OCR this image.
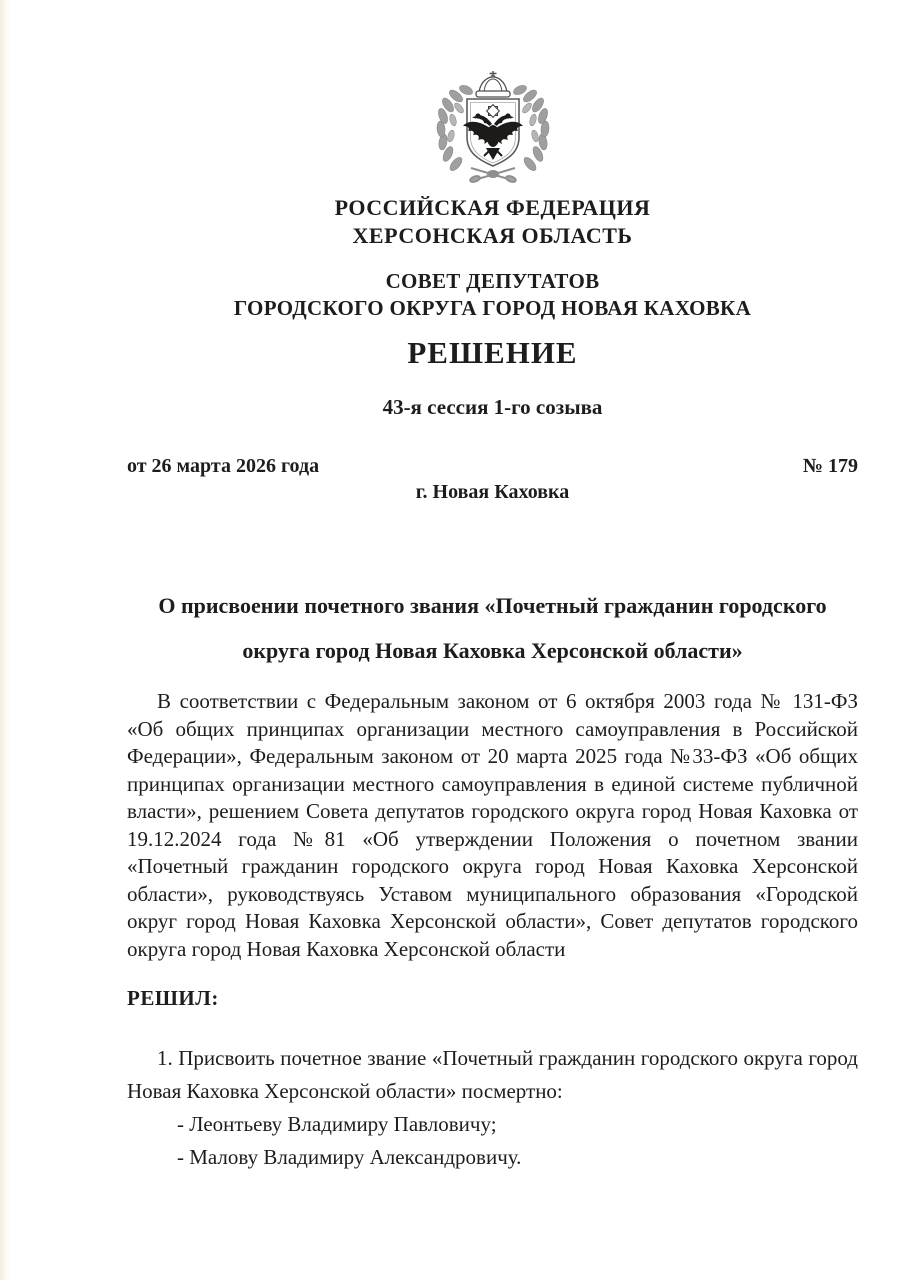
РОССИЙСКАЯ ФЕДЕРАЦИЯ
ХЕРСОНСКАЯ ОБЛАСТЬ
СОВЕТ ДЕПУТАТОВ
ГОРОДСКОГО ОКРУГА ГОРОД НОВАЯ КАХОВКА
РЕШЕНИЕ
43-я сессия 1-го созыва
от 26 марта 2026 года	№ 179
г. Новая Каховка
О присвоении почетного звания «Почетный гражданин городского округа город Новая Каховка Херсонской области»

В соответствии с Федеральным законом от 6 октября 2003 года № 131-ФЗ «Об общих принципах организации местного самоуправления в Российской Федерации», Федеральным законом от 20 марта 2025 года №33-ФЗ «Об общих принципах организации местного самоуправления в единой системе публичной власти», решением Совета депутатов городского округа город Новая Каховка от 19.12.2024 года №81 «Об утверждении Положения о почетном звании «Почетный гражданин городского округа город Новая Каховка Херсонской области», руководствуясь Уставом муниципального образования «Городской округ город Новая Каховка Херсонской области», Совет депутатов городского округа город Новая Каховка Херсонской области

РЕШИЛ:

1. Присвоить почетное звание «Почетный гражданин городского округа город Новая Каховка Херсонской области» посмертно:

- Леонтьеву Владимиру Павловичу;
- Малову Владимиру Александровичу.
